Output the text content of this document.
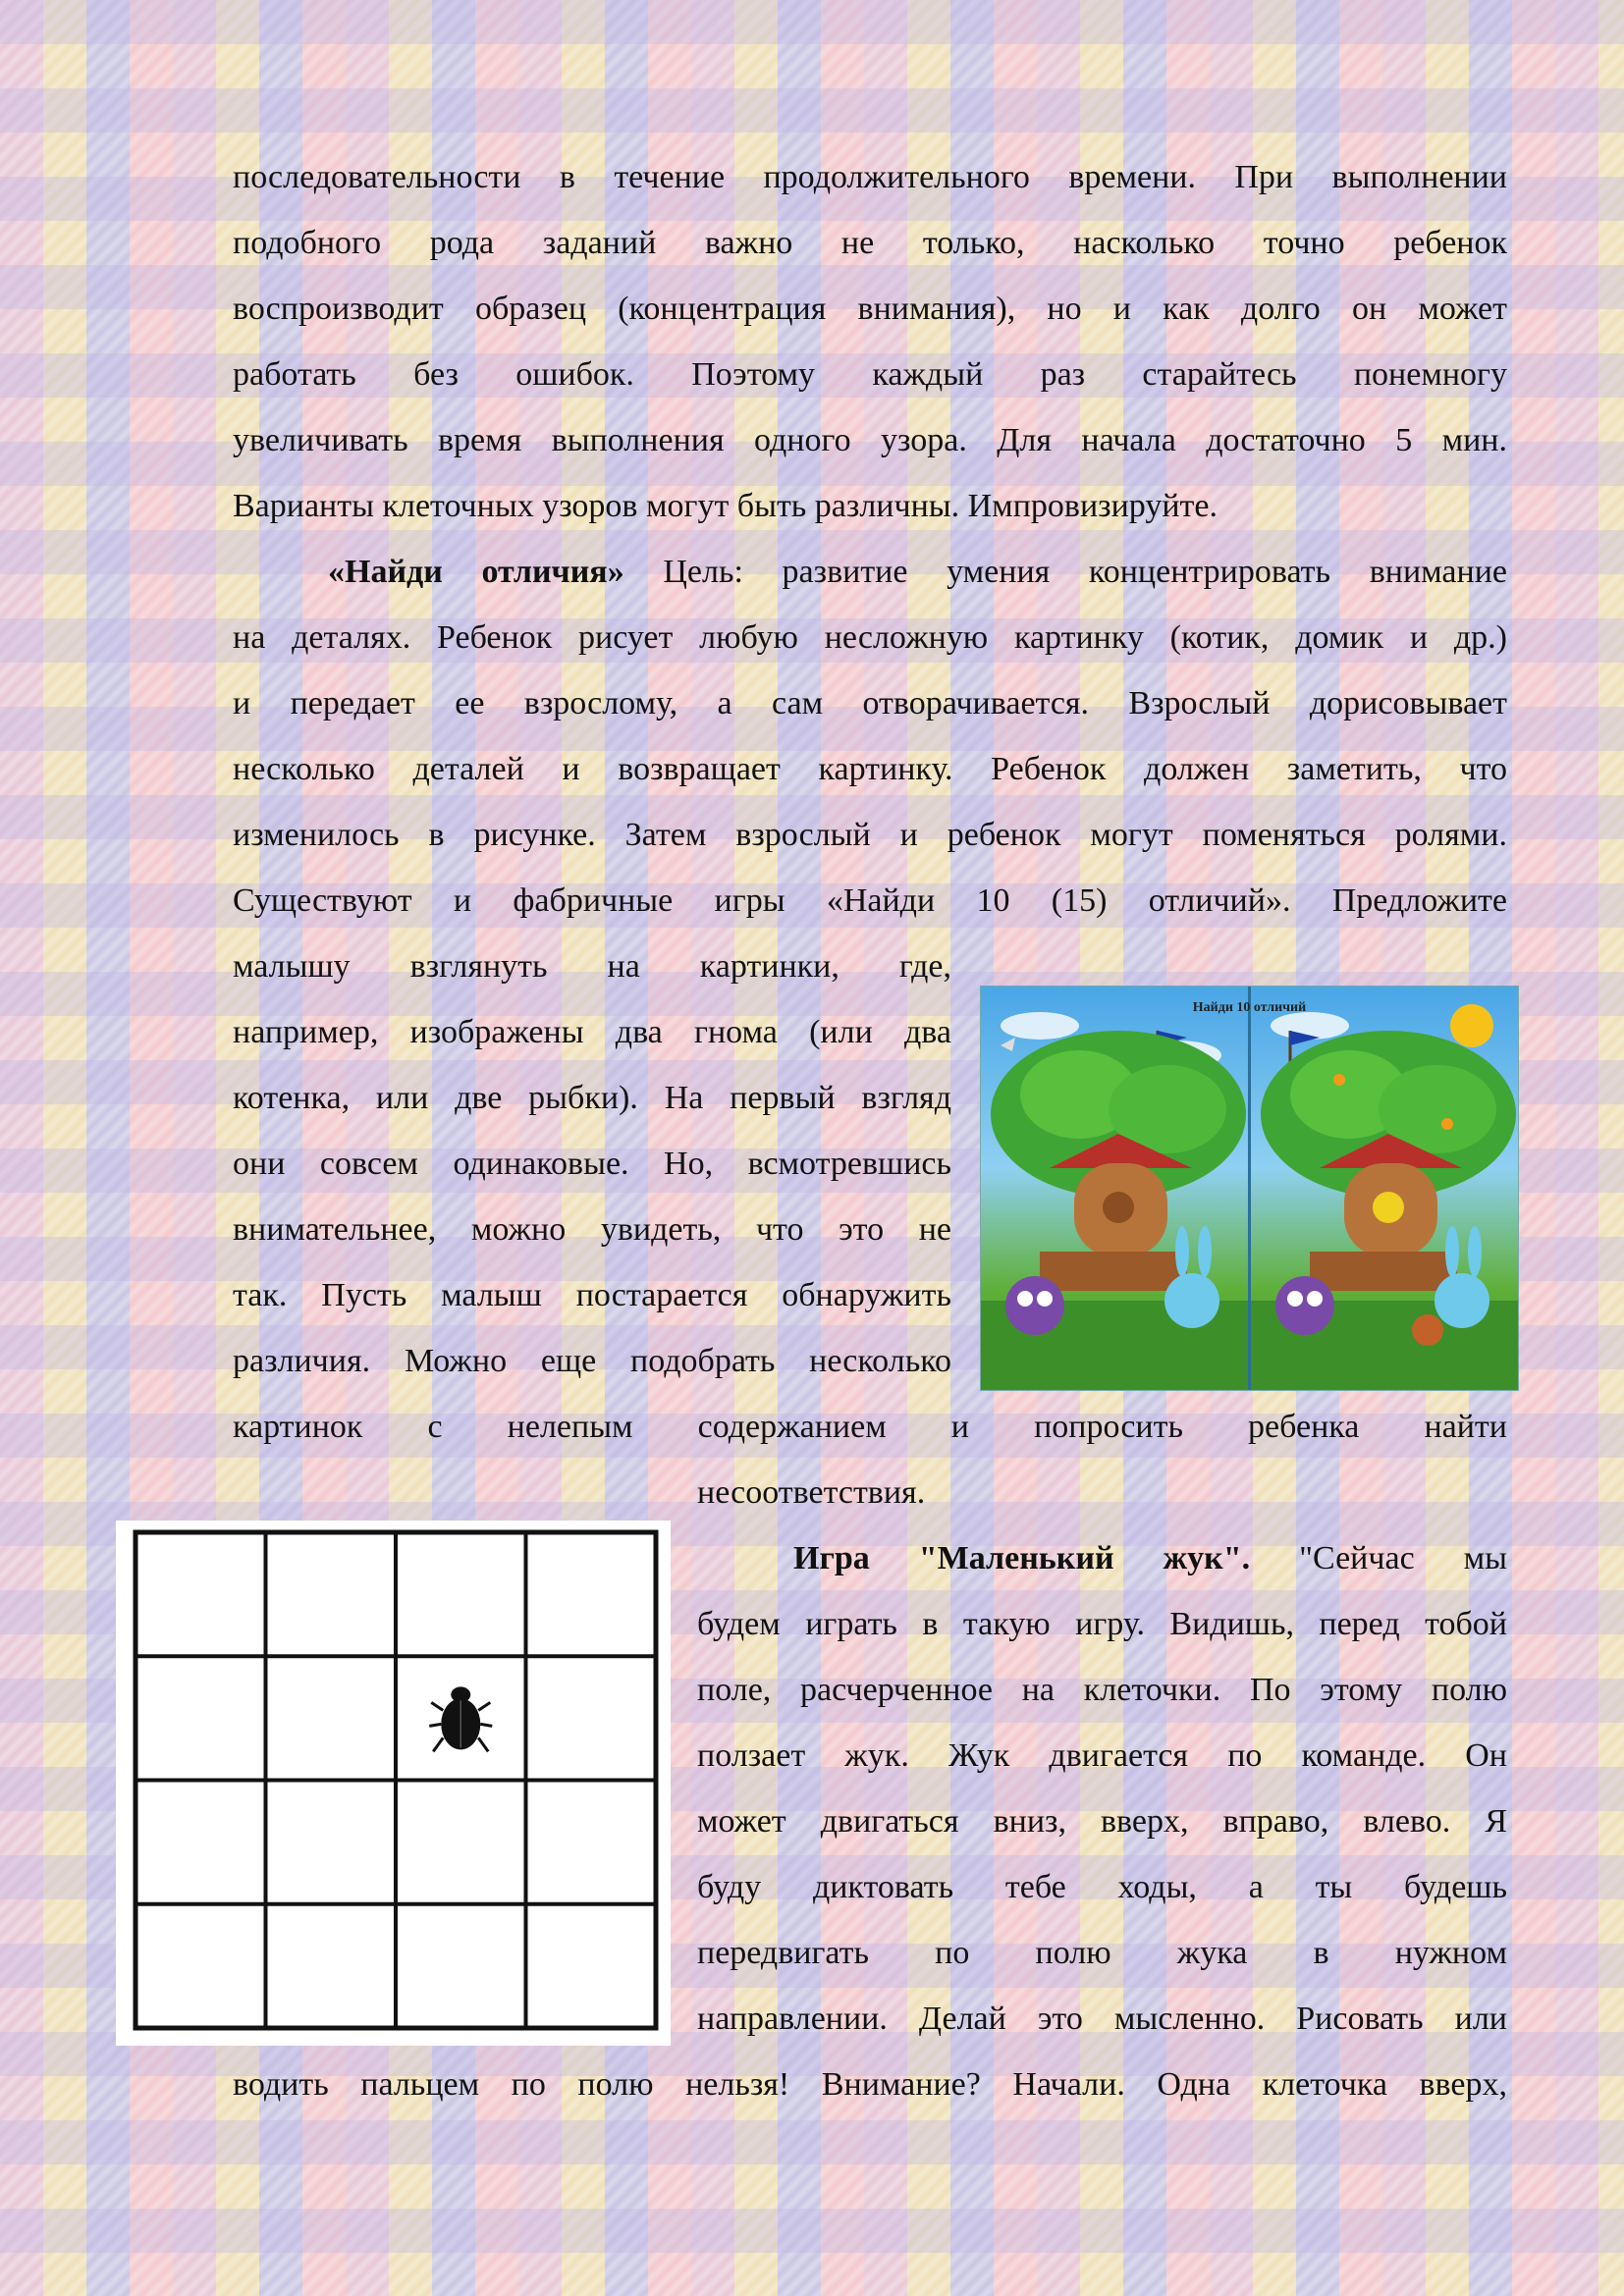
последовательности в течение продолжительного времени. При выполнении
подобного рода заданий важно не только, насколько точно ребенок
воспроизводит образец (концентрация внимания), но и как долго он может
работать без ошибок. Поэтому каждый раз старайтесь понемногу
увеличивать время выполнения одного узора. Для начала достаточно 5 мин.
Варианты клеточных узоров могут быть различны. Импровизируйте.
«Найди отличия» Цель: развитие умения концентрировать внимание
на деталях. Ребенок рисует любую несложную картинку (котик, домик и др.)
и передает ее взрослому, а сам отворачивается. Взрослый дорисовывает
несколько деталей и возвращает картинку. Ребенок должен заметить, что
изменилось в рисунке. Затем взрослый и ребенок могут поменяться ролями.
Существуют и фабричные игры «Найди 10 (15) отличий». Предложите
малышу взглянуть на картинки, где,
например, изображены два гнома (или два
котенка, или две рыбки). На первый взгляд
они совсем одинаковые. Но, всмотревшись
внимательнее, можно увидеть, что это не
так. Пусть малыш постарается обнаружить
различия. Можно еще подобрать несколько
картинок с нелепым содержанием и попросить ребенка найти
несоответствия.
Найди 10 отличий
Игра "Маленький жук". "Сейчас мы
будем играть в такую игру. Видишь, перед тобой
поле, расчерченное на клеточки. По этому полю
ползает жук. Жук двигается по команде. Он
может двигаться вниз, вверх, вправо, влево. Я
буду диктовать тебе ходы, а ты будешь
передвигать по полю жука в нужном
направлении. Делай это мысленно. Рисовать или
водить пальцем по полю нельзя! Внимание? Начали. Одна клеточка вверх,
